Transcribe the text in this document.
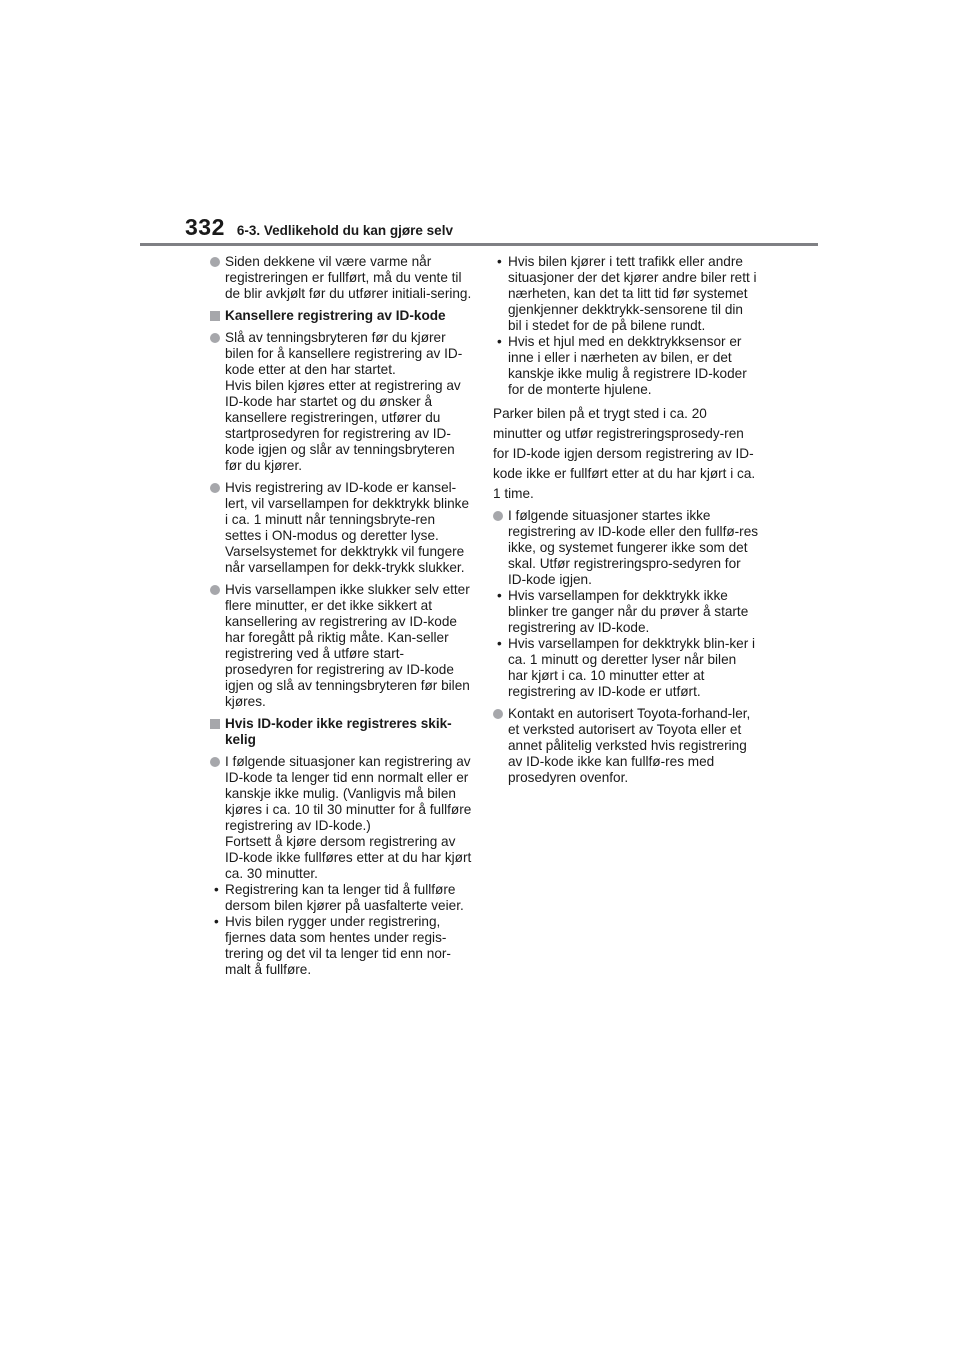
332 6-3. Vedlikehold du kan gjøre selv
Siden dekkene vil være varme når registreringen er fullført, må du vente til de blir avkjølt før du utfører initiali-sering.
Kansellere registrering av ID-kode
Slå av tenningsbryteren før du kjører bilen for å kansellere registrering av ID-kode etter at den har startet.
Hvis bilen kjøres etter at registrering av ID-kode har startet og du ønsker å kansellere registreringen, utfører du startprosedyren for registrering av ID-kode igjen og slår av tenningsbryteren før du kjører.
Hvis registrering av ID-kode er kansel-lert, vil varsellampen for dekktrykk blinke i ca. 1 minutt når tenningsbryte-ren settes i ON-modus og deretter lyse. Varselsystemet for dekktrykk vil fungere når varsellampen for dekk-trykk slukker.
Hvis varsellampen ikke slukker selv etter flere minutter, er det ikke sikkert at kansellering av registrering av ID-kode har foregått på riktig måte. Kan-seller registrering ved å utføre start-prosedyren for registrering av ID-kode igjen og slå av tenningsbryteren før bilen kjøres.
Hvis ID-koder ikke registreres skik-kelig
I følgende situasjoner kan registrering av ID-kode ta lenger tid enn normalt eller er kanskje ikke mulig. (Vanligvis må bilen kjøres i ca. 10 til 30 minutter for å fullføre registrering av ID-kode.)
Fortsett å kjøre dersom registrering av ID-kode ikke fullføres etter at du har kjørt ca. 30 minutter.
• Registrering kan ta lenger tid å fullføre dersom bilen kjører på uasfalterte veier.
• Hvis bilen rygger under registrering, fjernes data som hentes under regis-trering og det vil ta lenger tid enn nor-malt å fullføre.
• Hvis bilen kjører i tett trafikk eller andre situasjoner der det kjører andre biler rett i nærheten, kan det ta litt tid før systemet gjenkjenner dekktrykk-sensorene til din bil i stedet for de på bilene rundt.
• Hvis et hjul med en dekktrykksensor er inne i eller i nærheten av bilen, er det kanskje ikke mulig å registrere ID-koder for de monterte hjulene.
Parker bilen på et trygt sted i ca. 20 minutter og utfør registreringsprosedy-ren for ID-kode igjen dersom registrering av ID-kode ikke er fullført etter at du har kjørt i ca. 1 time.
I følgende situasjoner startes ikke registrering av ID-kode eller den fullfø-res ikke, og systemet fungerer ikke som det skal. Utfør registreringspro-sedyren for ID-kode igjen.
• Hvis varsellampen for dekktrykk ikke blinker tre ganger når du prøver å starte registrering av ID-kode.
• Hvis varsellampen for dekktrykk blin-ker i ca. 1 minutt og deretter lyser når bilen har kjørt i ca. 10 minutter etter at registrering av ID-kode er utført.
Kontakt en autorisert Toyota-forhand-ler, et verksted autorisert av Toyota eller et annet pålitelig verksted hvis registrering av ID-kode ikke kan fullfø-res med prosedyren ovenfor.
